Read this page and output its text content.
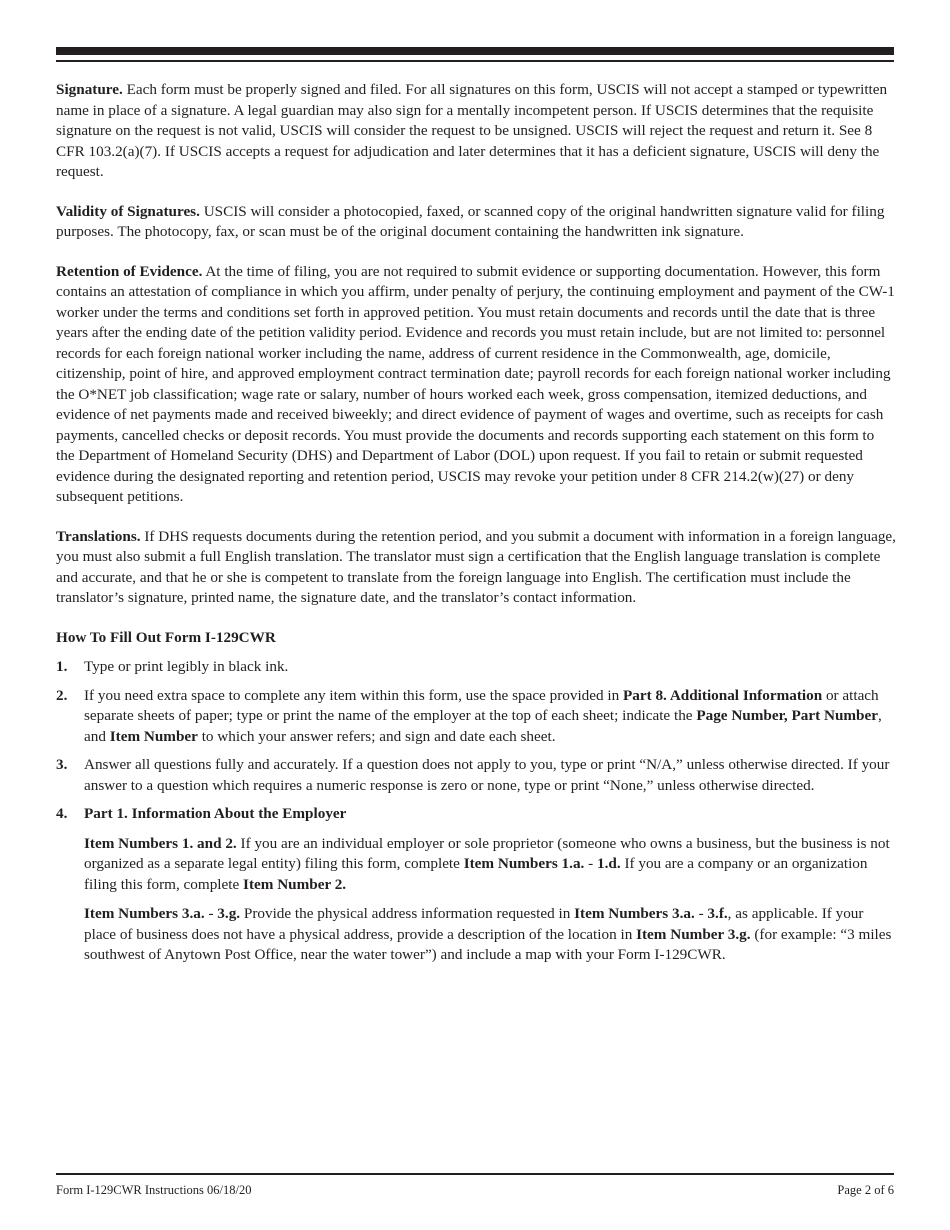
Signature. Each form must be properly signed and filed. For all signatures on this form, USCIS will not accept a stamped or typewritten name in place of a signature. A legal guardian may also sign for a mentally incompetent person. If USCIS determines that the requisite signature on the request is not valid, USCIS will consider the request to be unsigned. USCIS will reject the request and return it. See 8 CFR 103.2(a)(7). If USCIS accepts a request for adjudication and later determines that it has a deficient signature, USCIS will deny the request.

Validity of Signatures. USCIS will consider a photocopied, faxed, or scanned copy of the original handwritten signature valid for filing purposes. The photocopy, fax, or scan must be of the original document containing the handwritten ink signature.

Retention of Evidence. At the time of filing, you are not required to submit evidence or supporting documentation. However, this form contains an attestation of compliance in which you affirm, under penalty of perjury, the continuing employment and payment of the CW-1 worker under the terms and conditions set forth in approved petition. You must retain documents and records until the date that is three years after the ending date of the petition validity period. Evidence and records you must retain include, but are not limited to: personnel records for each foreign national worker including the name, address of current residence in the Commonwealth, age, domicile, citizenship, point of hire, and approved employment contract termination date; payroll records for each foreign national worker including the O*NET job classification; wage rate or salary, number of hours worked each week, gross compensation, itemized deductions, and evidence of net payments made and received biweekly; and direct evidence of payment of wages and overtime, such as receipts for cash payments, cancelled checks or deposit records. You must provide the documents and records supporting each statement on this form to the Department of Homeland Security (DHS) and Department of Labor (DOL) upon request. If you fail to retain or submit requested evidence during the designated reporting and retention period, USCIS may revoke your petition under 8 CFR 214.2(w)(27) or deny subsequent petitions.

Translations. If DHS requests documents during the retention period, and you submit a document with information in a foreign language, you must also submit a full English translation. The translator must sign a certification that the English language translation is complete and accurate, and that he or she is competent to translate from the foreign language into English. The certification must include the translator’s signature, printed name, the signature date, and the translator’s contact information.

How To Fill Out Form I-129CWR
1. Type or print legibly in black ink.
2. If you need extra space to complete any item within this form, use the space provided in Part 8. Additional Information or attach separate sheets of paper; type or print the name of the employer at the top of each sheet; indicate the Page Number, Part Number, and Item Number to which your answer refers; and sign and date each sheet.
3. Answer all questions fully and accurately. If a question does not apply to you, type or print “N/A,” unless otherwise directed. If your answer to a question which requires a numeric response is zero or none, type or print “None,” unless otherwise directed.
4. Part 1. Information About the Employer

Item Numbers 1. and 2. If you are an individual employer or sole proprietor (someone who owns a business, but the business is not organized as a separate legal entity) filing this form, complete Item Numbers 1.a. - 1.d. If you are a company or an organization filing this form, complete Item Number 2.

Item Numbers 3.a. - 3.g. Provide the physical address information requested in Item Numbers 3.a. - 3.f., as applicable. If your place of business does not have a physical address, provide a description of the location in Item Number 3.g. (for example: “3 miles southwest of Anytown Post Office, near the water tower”) and include a map with your Form I-129CWR.

Form I-129CWR Instructions 06/18/20	Page 2 of 6
